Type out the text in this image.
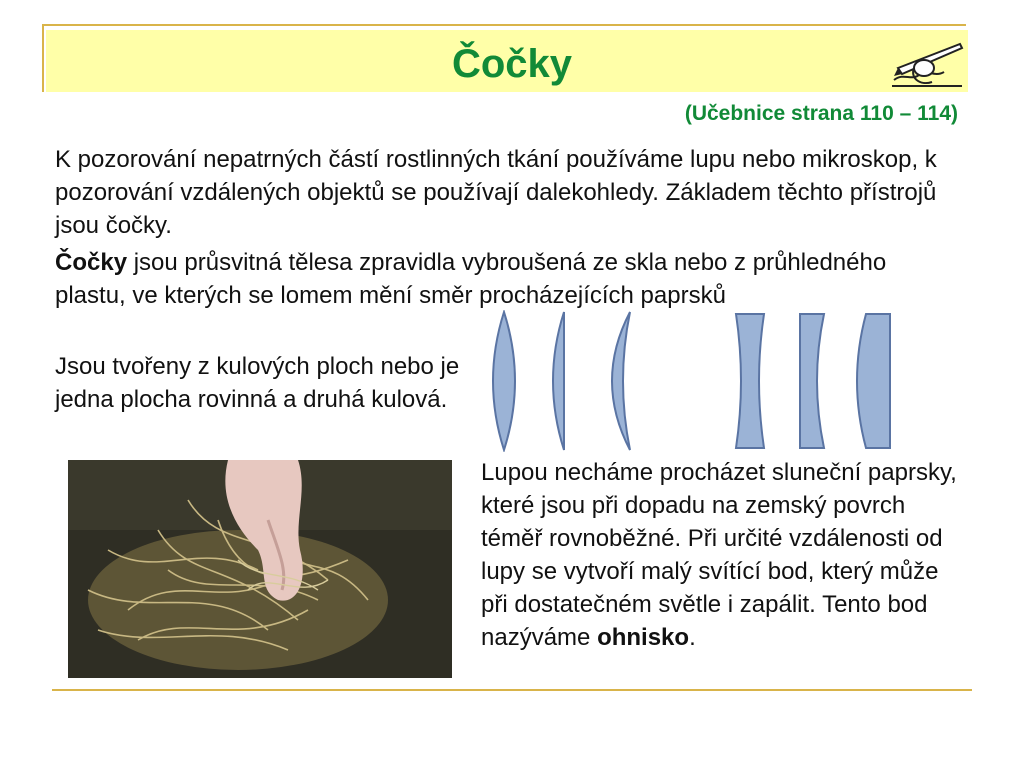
Čočky
(Učebnice strana 110 – 114)
K pozorování nepatrných částí rostlinných tkání používáme lupu nebo mikroskop, k pozorování vzdálených objektů se používají dalekohledy. Základem těchto přístrojů jsou čočky.
Čočky jsou průsvitná tělesa zpravidla vybroušená ze skla nebo z průhledného plastu, ve kterých se lomem mění směr procházejících paprsků
Jsou tvořeny z kulových ploch nebo je jedna plocha rovinná a druhá kulová.
Lupou necháme procházet sluneční paprsky, které jsou při dopadu na zemský povrch téměř rovnoběžné. Při určité vzdálenosti od lupy se vytvoří malý svítící bod, který může při dostatečném světle i zapálit. Tento bod nazýváme ohnisko.
